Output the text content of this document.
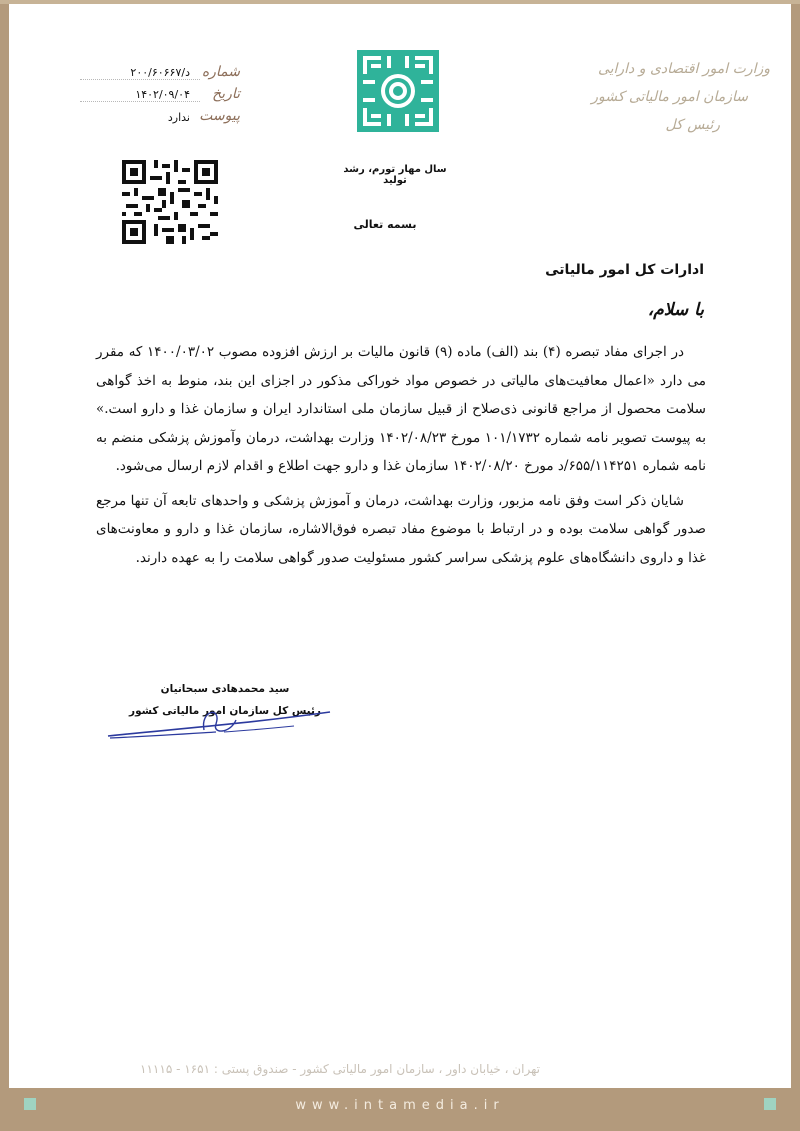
وزارت امور اقتصادی و دارایی
سازمان امور مالیاتی کشور
رئیس کل
شماره
د/۲۰۰/۶۰۶۶۷
تاریخ
۱۴۰۲/۰۹/۰۴
پیوست
ندارد
سال مهار تورم، رشد تولید
بسمه تعالی
ادارات کل امور مالیاتی
با سلام،

در اجرای مفاد تبصره (۴) بند (الف) ماده (۹) قانون مالیات بر ارزش افزوده مصوب ۱۴۰۰/۰۳/۰۲ که مقرر می دارد «اعمال معافیت‌های مالیاتی در خصوص مواد خوراکی مذکور در اجزای این بند، منوط به اخذ گواهی سلامت محصول از مراجع قانونی ذی‌صلاح از قبیل سازمان ملی استاندارد ایران و سازمان غذا و دارو است.» به پیوست تصویر نامه شماره ۱۰۱/۱۷۳۲ مورخ ۱۴۰۲/۰۸/۲۳ وزارت بهداشت، درمان وآموزش پزشکی منضم به نامه شماره ۶۵۵/۱۱۴۲۵۱/د مورخ ۱۴۰۲/۰۸/۲۰ سازمان غذا و دارو جهت اطلاع و اقدام لازم ارسال می‌شود.

شایان ذکر است وفق نامه مزبور، وزارت بهداشت، درمان و آموزش پزشکی و واحدهای تابعه آن تنها مرجع صدور گواهی سلامت بوده و در ارتباط با موضوع مفاد تبصره فوق‌الاشاره، سازمان غذا و دارو و معاونت‌های غذا و داروی دانشگاه‌های علوم پزشکی سراسر کشور مسئولیت صدور گواهی سلامت را به عهده دارند.

سید محمدهادی سبحانیان
رئیس کل سازمان امور مالیاتی کشور
تهران ، خیابان داور ، سازمان امور مالیاتی کشور - صندوق پستی : ۱۶۵۱ - ۱۱۱۱۵
www.intamedia.ir
